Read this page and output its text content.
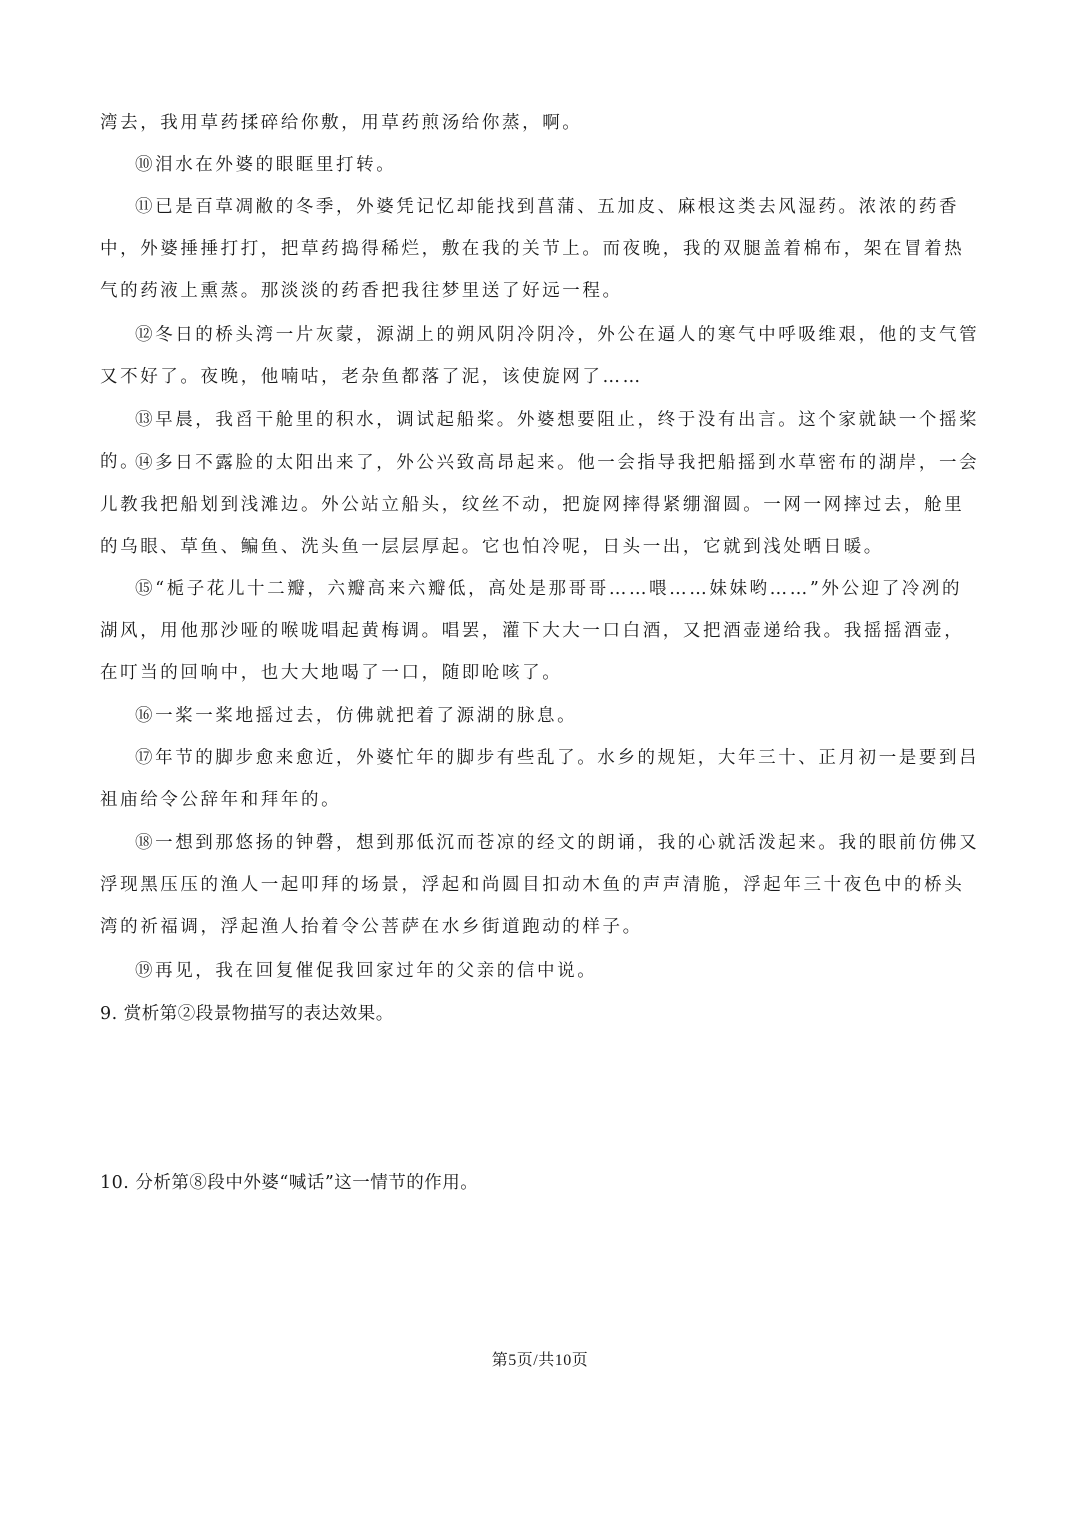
湾去，我用草药揉碎给你敷，用草药煎汤给你蒸，啊。

⑩泪水在外婆的眼眶里打转。

⑪已是百草凋敝的冬季，外婆凭记忆却能找到菖蒲、五加皮、麻根这类去风湿药。浓浓的药香中，外婆捶捶打打，把草药捣得稀烂，敷在我的关节上。而夜晚，我的双腿盖着棉布，架在冒着热气的药液上熏蒸。那淡淡的药香把我往梦里送了好远一程。

⑫冬日的桥头湾一片灰蒙，源湖上的朔风阴冷阴冷，外公在逼人的寒气中呼吸维艰，他的支气管又不好了。夜晚，他喃咕，老杂鱼都落了泥，该使旋网了……

⑬早晨，我舀干舱里的积水，调试起船桨。外婆想要阻止，终于没有出言。这个家就缺一个摇桨的。

⑭多日不露脸的太阳出来了，外公兴致高昂起来。他一会指导我把船摇到水草密布的湖岸，一会儿教我把船划到浅滩边。外公站立船头，纹丝不动，把旋网摔得紧绷溜圆。一网一网摔过去，舱里的乌眼、草鱼、鳊鱼、洗头鱼一层层厚起。它也怕冷呢，日头一出，它就到浅处晒日暖。

⑮“栀子花儿十二瓣，六瓣高来六瓣低，高处是那哥哥……喂……妹妹哟……”外公迎了冷冽的湖风，用他那沙哑的喉咙唱起黄梅调。唱罢，灌下大大一口白酒，又把酒壶递给我。我摇摇酒壶，在叮当的回响中，也大大地喝了一口，随即呛咳了。

⑯一桨一桨地摇过去，仿佛就把着了源湖的脉息。

⑰年节的脚步愈来愈近，外婆忙年的脚步有些乱了。水乡的规矩，大年三十、正月初一是要到吕祖庙给令公辞年和拜年的。

⑱一想到那悠扬的钟磬，想到那低沉而苍凉的经文的朗诵，我的心就活泼起来。我的眼前仿佛又浮现黑压压的渔人一起叩拜的场景，浮起和尚圆目扣动木鱼的声声清脆，浮起年三十夜色中的桥头湾的祈福调，浮起渔人抬着令公菩萨在水乡街道跑动的样子。

⑲再见，我在回复催促我回家过年的父亲的信中说。

9. 赏析第②段景物描写的表达效果。

10. 分析第⑧段中外婆“喊话”这一情节的作用。

第5页/共10页
